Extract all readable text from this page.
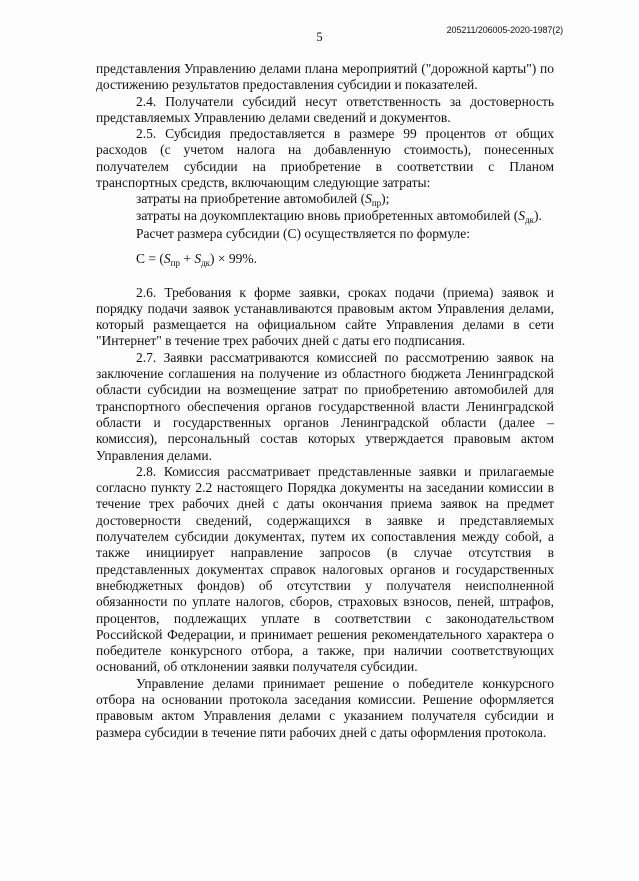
5	205211/206005-2020-1987(2)

представления Управлению делами плана мероприятий ("дорожной карты") по достижению результатов предоставления субсидии и показателей.

2.4. Получатели субсидий несут ответственность за достоверность представляемых Управлению делами сведений и документов.

2.5. Субсидия предоставляется в размере 99 процентов от общих расходов (с учетом налога на добавленную стоимость), понесенных получателем субсидии на приобретение в соответствии с Планом транспортных средств, включающим следующие затраты:

затраты на приобретение автомобилей $(S_{пр})$;

затраты на доукомплектацию вновь приобретенных автомобилей $(S_{дк})$.

Расчет размера субсидии (С) осуществляется по формуле:

$С = (S_{пр} + S_{дк}) \times 99\%$.

2.6. Требования к форме заявки, сроках подачи (приема) заявок и порядку подачи заявок устанавливаются правовым актом Управления делами, который размещается на официальном сайте Управления делами в сети "Интернет" в течение трех рабочих дней с даты его подписания.

2.7. Заявки рассматриваются комиссией по рассмотрению заявок на заключение соглашения на получение из областного бюджета Ленинградской области субсидии на возмещение затрат по приобретению автомобилей для транспортного обеспечения органов государственной власти Ленинградской области и государственных органов Ленинградской области (далее – комиссия), персональный состав которых утверждается правовым актом Управления делами.

2.8. Комиссия рассматривает представленные заявки и прилагаемые согласно пункту 2.2 настоящего Порядка документы на заседании комиссии в течение трех рабочих дней с даты окончания приема заявок на предмет достоверности сведений, содержащихся в заявке и представляемых получателем субсидии документах, путем их сопоставления между собой, а также инициирует направление запросов (в случае отсутствия в представленных документах справок налоговых органов и государственных внебюджетных фондов) об отсутствии у получателя неисполненной обязанности по уплате налогов, сборов, страховых взносов, пеней, штрафов, процентов, подлежащих уплате в соответствии с законодательством Российской Федерации, и принимает решения рекомендательного характера о победителе конкурсного отбора, а также, при наличии соответствующих оснований, об отклонении заявки получателя субсидии.

Управление делами принимает решение о победителе конкурсного отбора на основании протокола заседания комиссии. Решение оформляется правовым актом Управления делами с указанием получателя субсидии и размера субсидии в течение пяти рабочих дней с даты оформления протокола.
